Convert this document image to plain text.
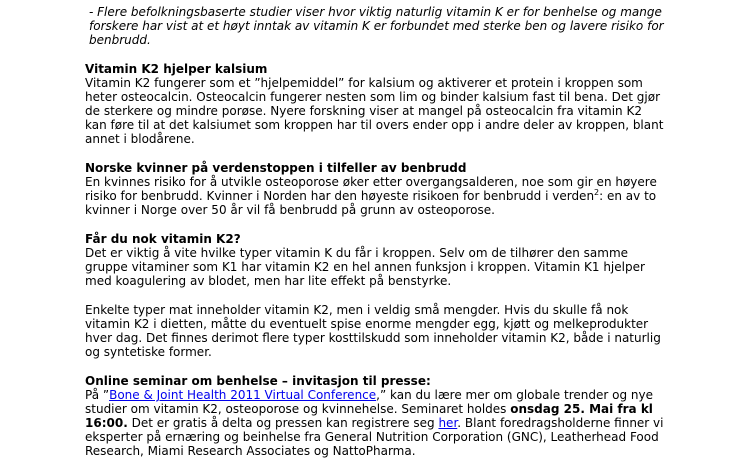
- Flere befolkningsbaserte studier viser hvor viktig naturlig vitamin K er for benhelse og mange forskere har vist at et høyt inntak av vitamin K er forbundet med sterke ben og lavere risiko for benbrudd.

Vitamin K2 hjelper kalsium

Vitamin K2 fungerer som et ”hjelpemiddel” for kalsium og aktiverer et protein i kroppen som heter osteocalcin. Osteocalcin fungerer nesten som lim og binder kalsium fast til bena. Det gjør de sterkere og mindre porøse. Nyere forskning viser at mangel på osteocalcin fra vitamin K2 kan føre til at det kalsiumet som kroppen har til overs ender opp i andre deler av kroppen, blant annet i blodårene.

Norske kvinner på verdenstoppen i tilfeller av benbrudd

En kvinnes risiko for å utvikle osteoporose øker etter overgangsalderen, noe som gir en høyere risiko for benbrudd. Kvinner i Norden har den høyeste risikoen for benbrudd i verden$^2$: en av to kvinner i Norge over 50 år vil få benbrudd på grunn av osteoporose.

Får du nok vitamin K2?

Det er viktig å vite hvilke typer vitamin K du får i kroppen. Selv om de tilhører den samme gruppe vitaminer som K1 har vitamin K2 en hel annen funksjon i kroppen. Vitamin K1 hjelper med koagulering av blodet, men har lite effekt på benstyrke.

Enkelte typer mat inneholder vitamin K2, men i veldig små mengder. Hvis du skulle få nok vitamin K2 i dietten, måtte du eventuelt spise enorme mengder egg, kjøtt og melkeprodukter hver dag. Det finnes derimot flere typer kosttilskudd som inneholder vitamin K2, både i naturlig og syntetiske former.

Online seminar om benhelse – invitasjon til presse:

På ”Bone & Joint Health 2011 Virtual Conference,” kan du lære mer om globale trender og nye studier om vitamin K2, osteoporose og kvinnehelse. Seminaret holdes onsdag 25. Mai fra kl 16:00. Det er gratis å delta og pressen kan registrere seg her. Blant foredragsholderne finner vi eksperter på ernæring og beinhelse fra General Nutrition Corporation (GNC), Leatherhead Food Research, Miami Research Associates og NattoPharma.
